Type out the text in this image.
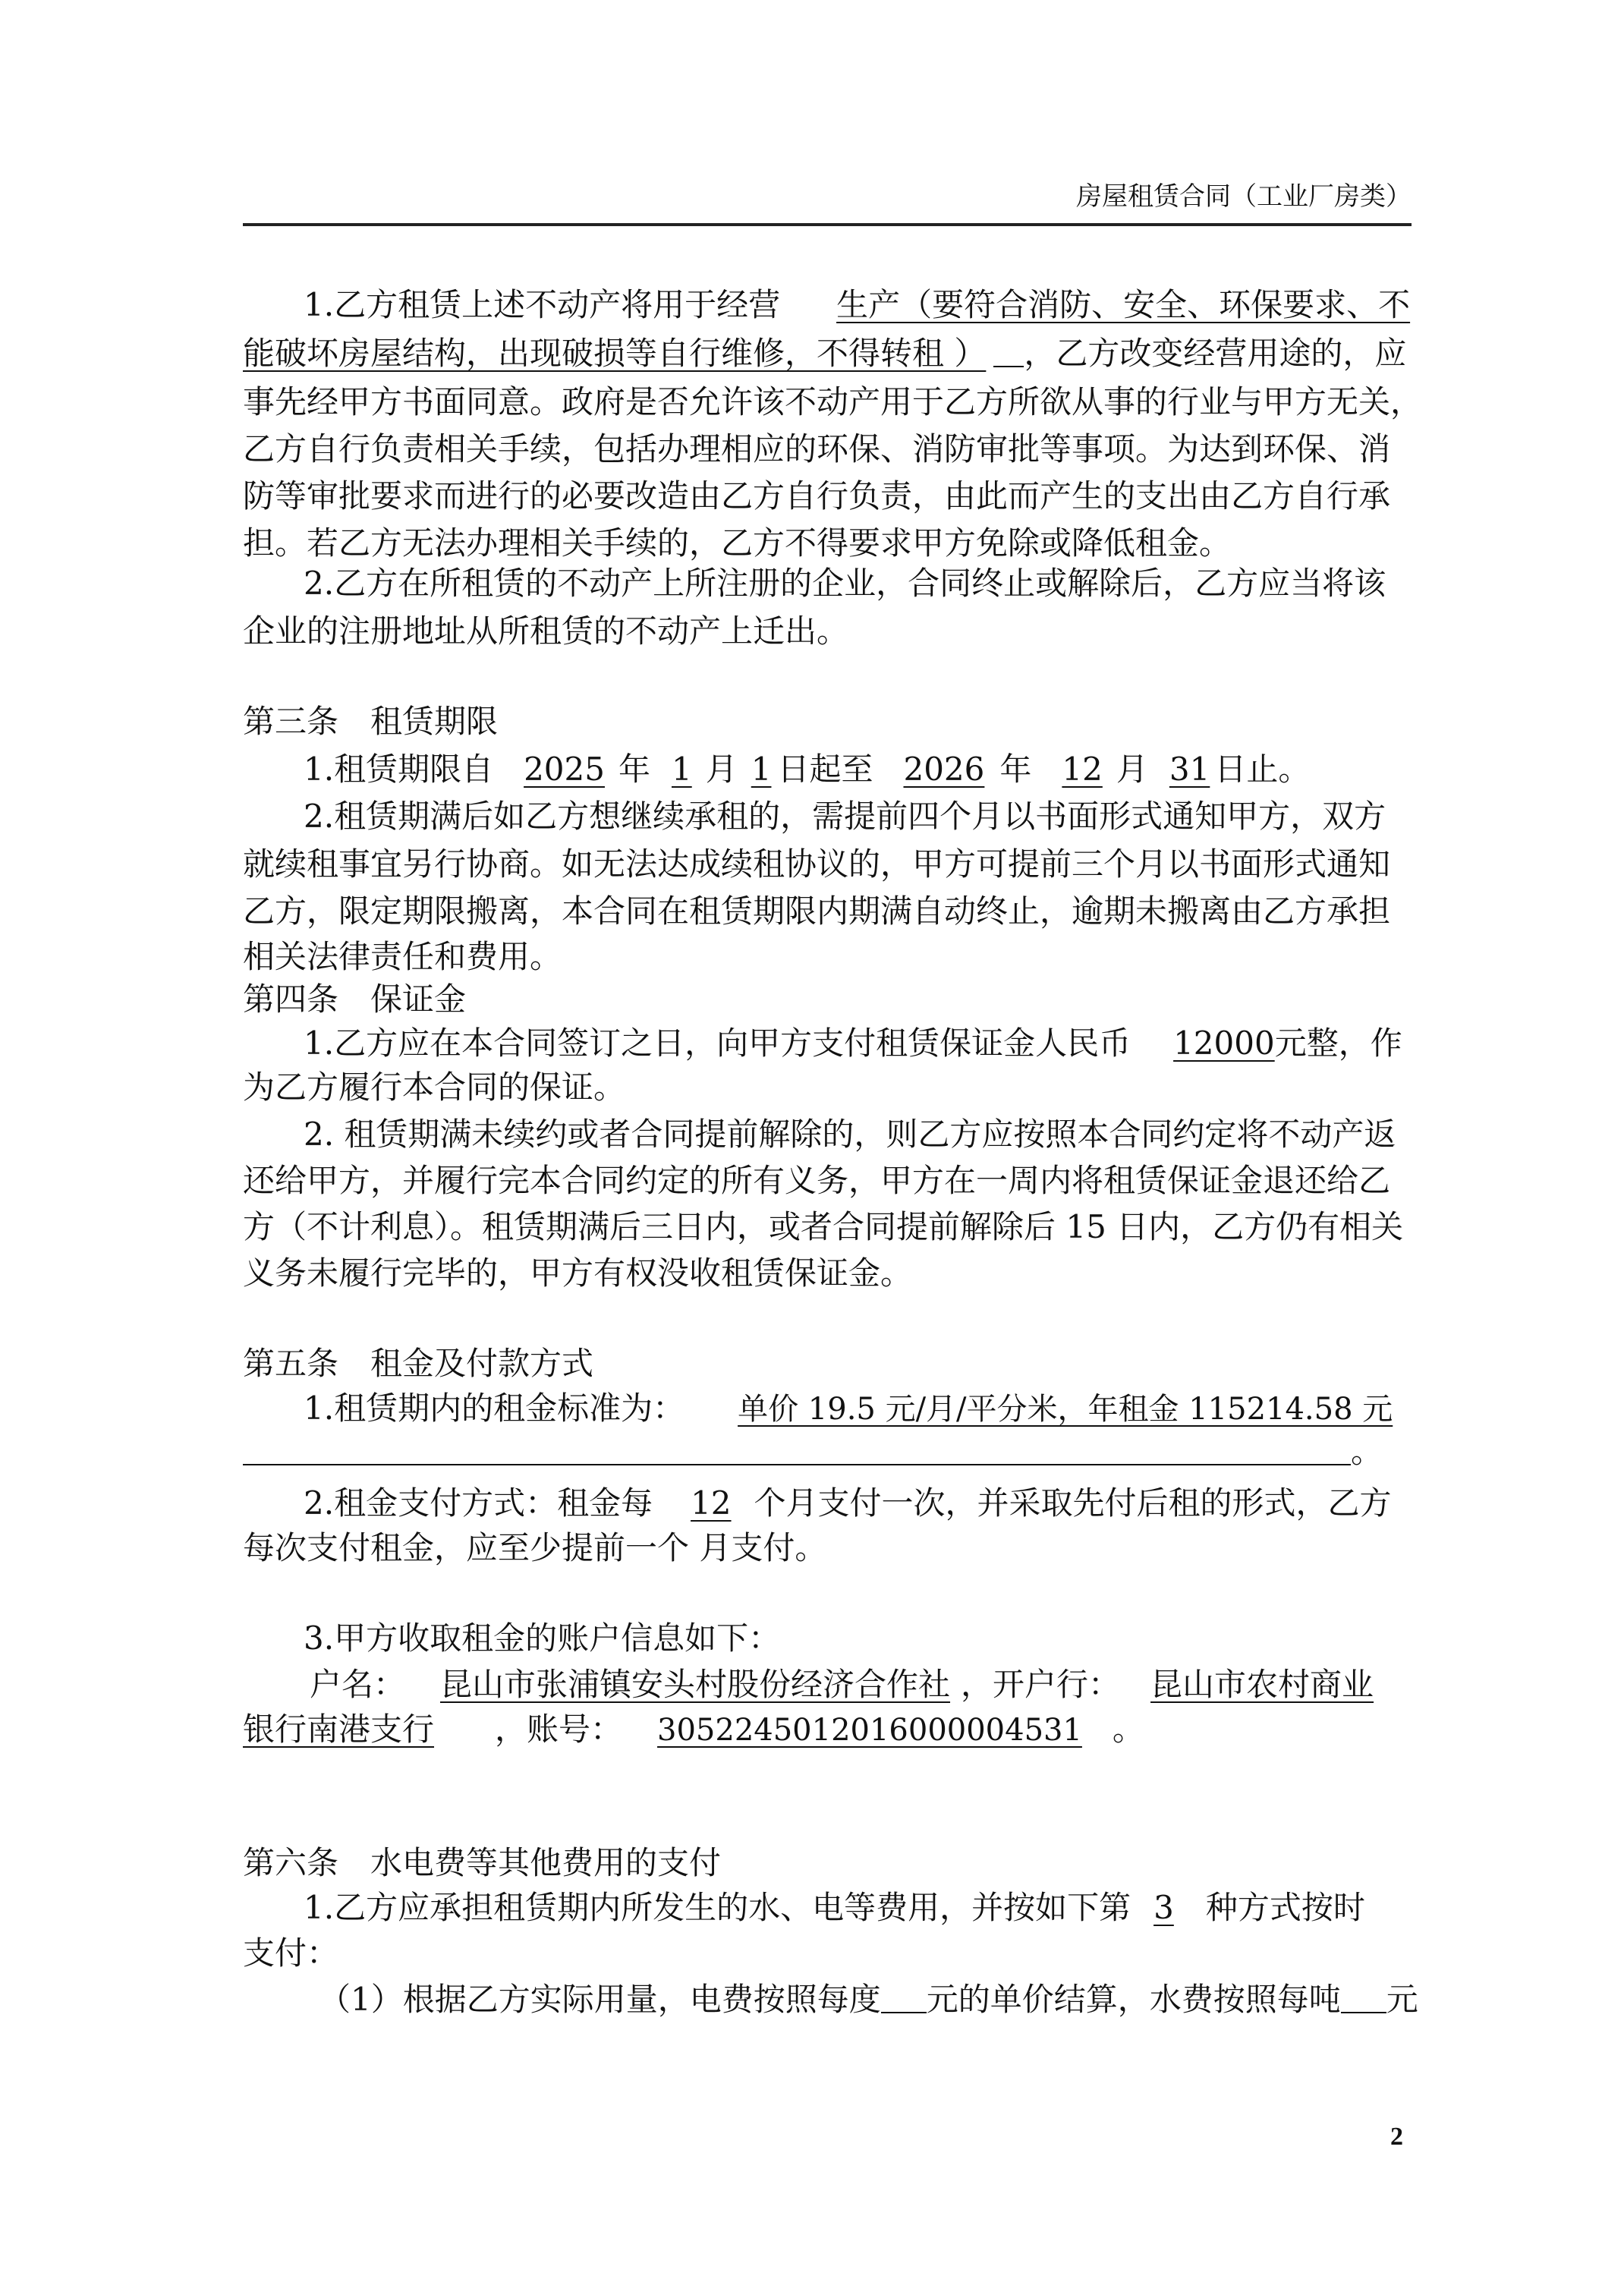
房屋租赁合同（工业厂房类）
1.乙方租赁上述不动产将用于经营 生产（要符合消防、安全、环保要求、不
能破坏房屋结构，出现破损等自行维修，不得转租 ） ，乙方改变经营用途的，应
事先经甲方书面同意。政府是否允许该不动产用于乙方所欲从事的行业与甲方无关，
乙方自行负责相关手续，包括办理相应的环保、消防审批等事项。为达到环保、消
防等审批要求而进行的必要改造由乙方自行负责，由此而产生的支出由乙方自行承
担。若乙方无法办理相关手续的，乙方不得要求甲方免除或降低租金。
2.乙方在所租赁的不动产上所注册的企业，合同终止或解除后，乙方应当将该
企业的注册地址从所租赁的不动产上迁出。
第三条　租赁期限
1.租赁期限自 2025 年 1 月 1 日起至 2026 年 12 月 31 日止。
2.租赁期满后如乙方想继续承租的，需提前四个月以书面形式通知甲方，双方
就续租事宜另行协商。如无法达成续租协议的，甲方可提前三个月以书面形式通知
乙方，限定期限搬离，本合同在租赁期限内期满自动终止，逾期未搬离由乙方承担
相关法律责任和费用。
第四条　保证金
1.乙方应在本合同签订之日，向甲方支付租赁保证金人民币 12000元整，作
为乙方履行本合同的保证。
2. 租赁期满未续约或者合同提前解除的，则乙方应按照本合同约定将不动产返
还给甲方，并履行完本合同约定的所有义务，甲方在一周内将租赁保证金退还给乙
方（不计利息）。租赁期满后三日内，或者合同提前解除后 15 日内，乙方仍有相关
义务未履行完毕的，甲方有权没收租赁保证金。
第五条　租金及付款方式
1.租赁期内的租金标准为： 单价 19.5 元/月/平分米，年租金 115214.58 元
。
2.租金支付方式：租金每 12 个月支付一次，并采取先付后租的形式，乙方
每次支付租金，应至少提前一个 月支付。
3.甲方收取租金的账户信息如下：
户名： 昆山市张浦镇安头村股份经济合作社 ，开户行： 昆山市农村商业
银行南港支行 ，账号： 3052245012016000004531 。
第六条　水电费等其他费用的支付
1.乙方应承担租赁期内所发生的水、电等费用，并按如下第 3 种方式按时
支付：
（1）根据乙方实际用量，电费按照每度 元的单价结算，水费按照每吨 元
2
